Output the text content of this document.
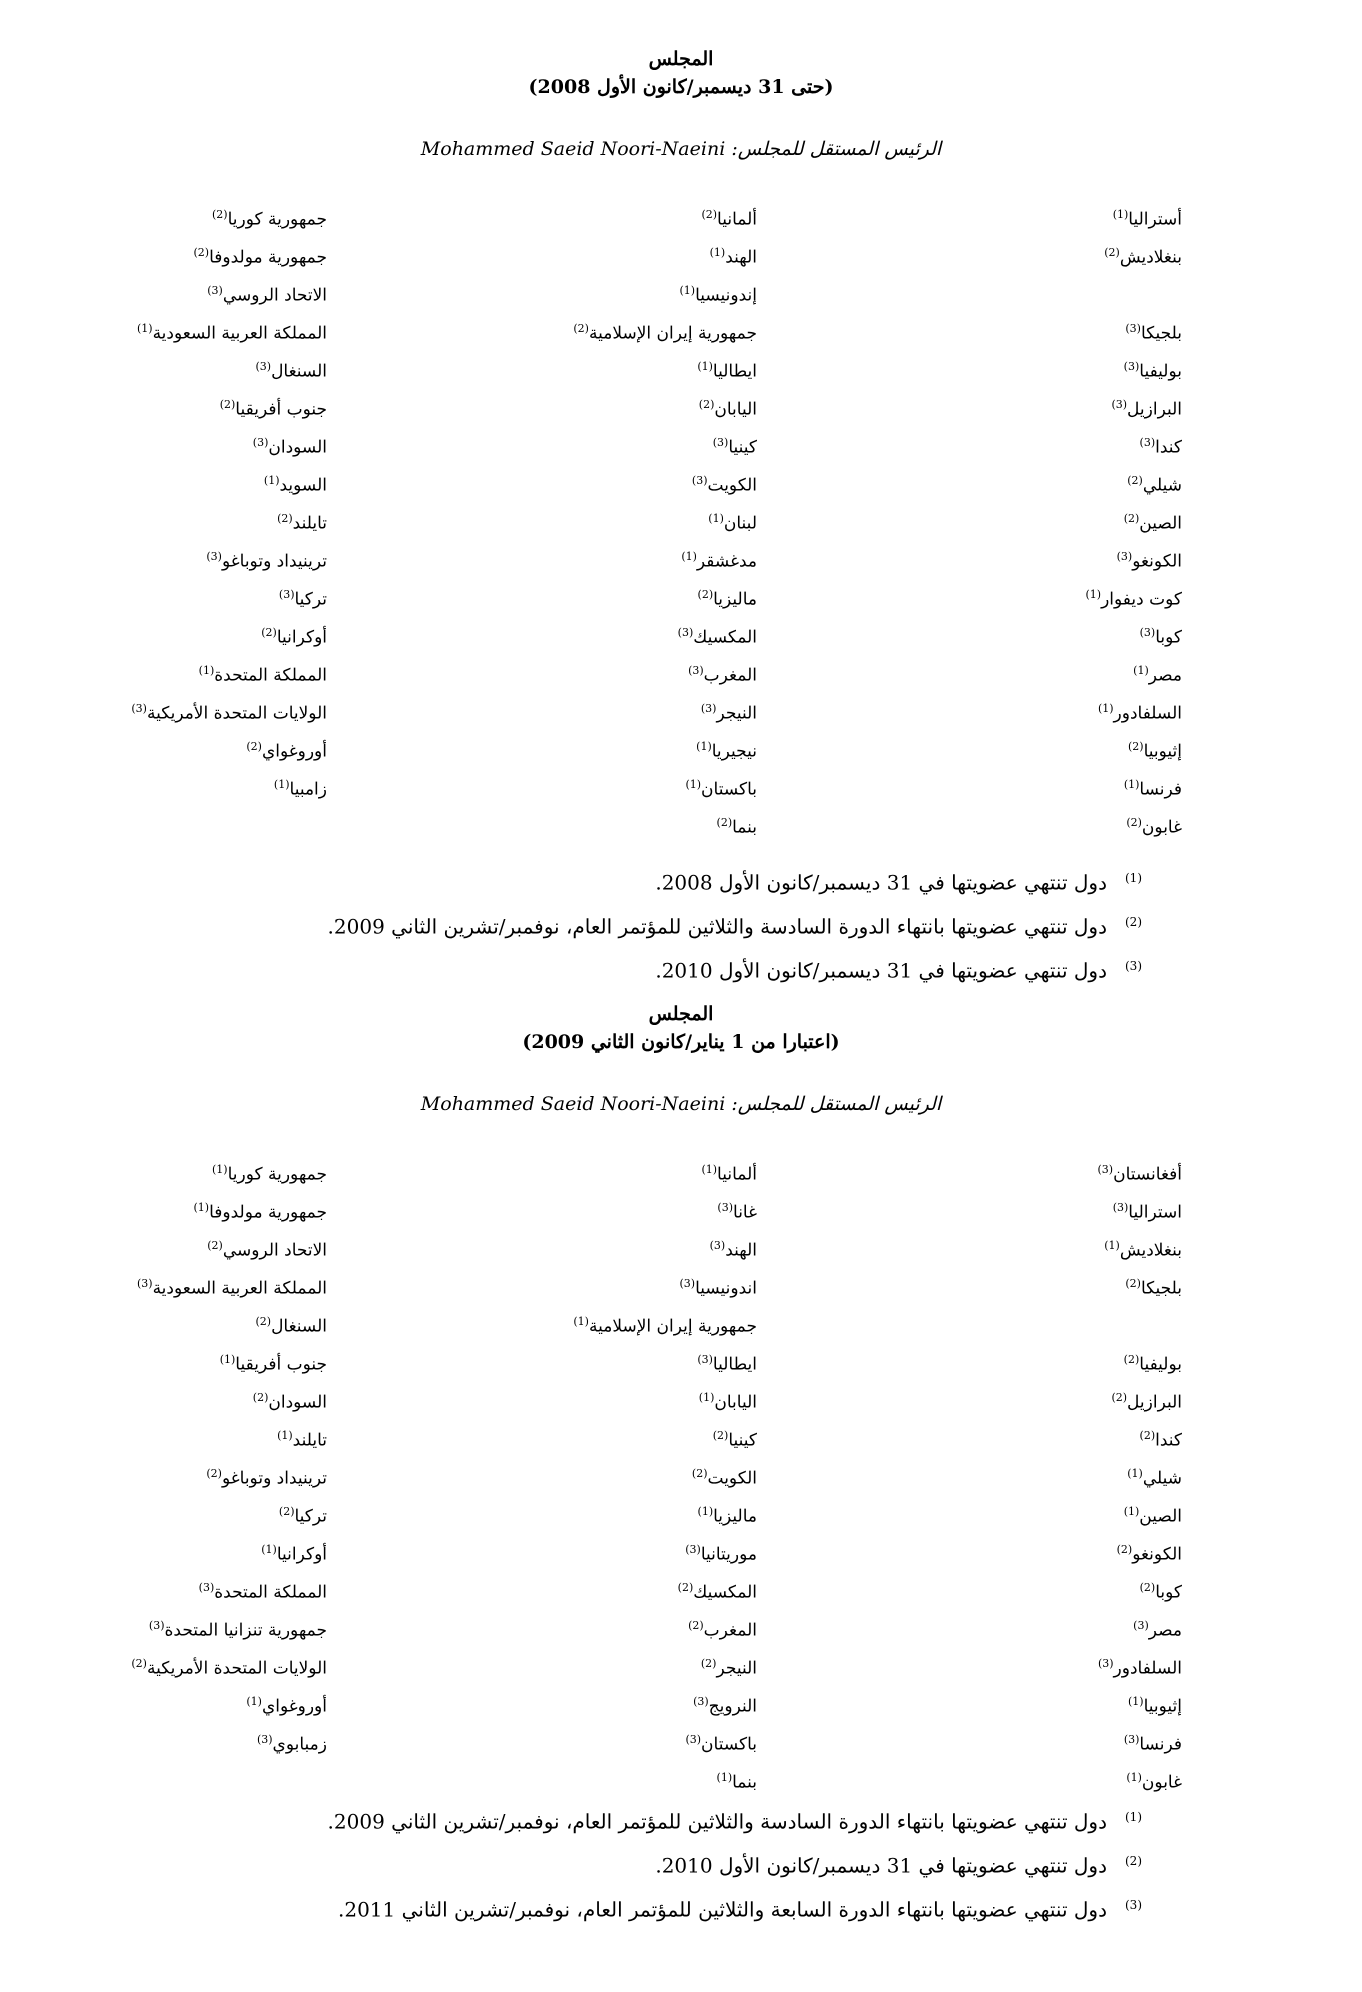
المجلس
(حتى 31 ديسمبر/كانون الأول 2008)
الرئيس المستقل للمجلس: Mohammed Saeid Noori-Naeini
أستراليا$^{(1)}$
بنغلاديش$^{(2)}$
بلجيكا$^{(3)}$
بوليفيا$^{(3)}$
البرازيل$^{(3)}$
كندا$^{(3)}$
شيلي$^{(2)}$
الصين$^{(2)}$
الكونغو$^{(3)}$
كوت ديفوار$^{(1)}$
كوبا$^{(3)}$
مصر$^{(1)}$
السلفادور$^{(1)}$
إثيوبيا$^{(2)}$
فرنسا$^{(1)}$
غابون$^{(2)}$
ألمانيا$^{(2)}$
الهند$^{(1)}$
إندونيسيا$^{(1)}$
جمهورية إيران الإسلامية$^{(2)}$
ايطاليا$^{(1)}$
اليابان$^{(2)}$
كينيا$^{(3)}$
الكويت$^{(3)}$
لبنان$^{(1)}$
مدغشقر$^{(1)}$
ماليزيا$^{(2)}$
المكسيك$^{(3)}$
المغرب$^{(3)}$
النيجر$^{(3)}$
نيجيريا$^{(1)}$
باكستان$^{(1)}$
بنما$^{(2)}$
جمهورية كوريا$^{(2)}$
جمهورية مولدوفا$^{(2)}$
الاتحاد الروسي$^{(3)}$
المملكة العربية السعودية$^{(1)}$
السنغال$^{(3)}$
جنوب أفريقيا$^{(2)}$
السودان$^{(3)}$
السويد$^{(1)}$
تايلند$^{(2)}$
ترينيداد وتوباغو$^{(3)}$
تركيا$^{(3)}$
أوكرانيا$^{(2)}$
المملكة المتحدة$^{(1)}$
الولايات المتحدة الأمريكية$^{(3)}$
أوروغواي$^{(2)}$
زامبيا$^{(1)}$
$^{(1)}$دول تنتهي عضويتها في 31 ديسمبر/كانون الأول 2008.
$^{(2)}$دول تنتهي عضويتها بانتهاء الدورة السادسة والثلاثين للمؤتمر العام، نوفمبر/تشرين الثاني 2009.
$^{(3)}$دول تنتهي عضويتها في 31 ديسمبر/كانون الأول 2010.
المجلس
(اعتبارا من 1 يناير/كانون الثاني 2009)
الرئيس المستقل للمجلس: Mohammed Saeid Noori-Naeini
أفغانستان$^{(3)}$
استراليا$^{(3)}$
بنغلاديش$^{(1)}$
بلجيكا$^{(2)}$
بوليفيا$^{(2)}$
البرازيل$^{(2)}$
كندا$^{(2)}$
شيلي$^{(1)}$
الصين$^{(1)}$
الكونغو$^{(2)}$
كوبا$^{(2)}$
مصر$^{(3)}$
السلفادور$^{(3)}$
إثيوبيا$^{(1)}$
فرنسا$^{(3)}$
غابون$^{(1)}$
ألمانيا$^{(1)}$
غانا$^{(3)}$
الهند$^{(3)}$
اندونيسيا$^{(3)}$
جمهورية إيران الإسلامية$^{(1)}$
ايطاليا$^{(3)}$
اليابان$^{(1)}$
كينيا$^{(2)}$
الكويت$^{(2)}$
ماليزيا$^{(1)}$
موريتانيا$^{(3)}$
المكسيك$^{(2)}$
المغرب$^{(2)}$
النيجر$^{(2)}$
النرويج$^{(3)}$
باكستان$^{(3)}$
بنما$^{(1)}$
جمهورية كوريا$^{(1)}$
جمهورية مولدوفا$^{(1)}$
الاتحاد الروسي$^{(2)}$
المملكة العربية السعودية$^{(3)}$
السنغال$^{(2)}$
جنوب أفريقيا$^{(1)}$
السودان$^{(2)}$
تايلند$^{(1)}$
ترينيداد وتوباغو$^{(2)}$
تركيا$^{(2)}$
أوكرانيا$^{(1)}$
المملكة المتحدة$^{(3)}$
جمهورية تنزانيا المتحدة$^{(3)}$
الولايات المتحدة الأمريكية$^{(2)}$
أوروغواي$^{(1)}$
زمبابوي$^{(3)}$
$^{(1)}$دول تنتهي عضويتها بانتهاء الدورة السادسة والثلاثين للمؤتمر العام، نوفمبر/تشرين الثاني 2009.
$^{(2)}$دول تنتهي عضويتها في 31 ديسمبر/كانون الأول 2010.
$^{(3)}$دول تنتهي عضويتها بانتهاء الدورة السابعة والثلاثين للمؤتمر العام، نوفمبر/تشرين الثاني 2011.
